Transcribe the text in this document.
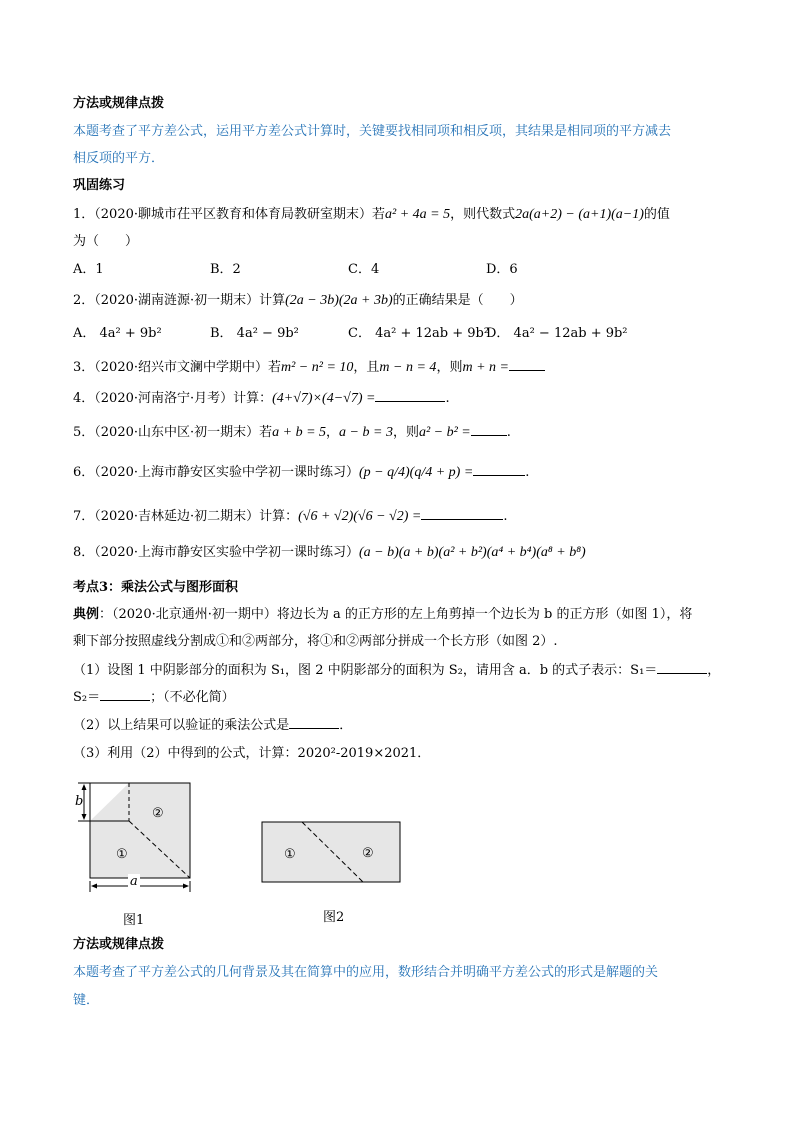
方法或规律点拨
本题考查了平方差公式，运用平方差公式计算时，关键要找相同项和相反项，其结果是相同项的平方减去
相反项的平方．
巩固练习
1．（2020·聊城市茌平区教育和体育局教研室期末）若a² + 4a = 5，则代数式2a(a+2) − (a+1)(a−1)的值
为（　　）
A．1	B．2	C．4	D．6
2．（2020·湖南涟源·初一期末）计算(2a − 3b)(2a + 3b)的正确结果是（　　）
A． 4a² + 9b²	B． 4a² − 9b²	C． 4a² + 12ab + 9b²
D． 4a² − 12ab + 9b²
3．（2020·绍兴市文澜中学期中）若m² − n² = 10，且m − n = 4，则m + n =
4．（2020·河南洛宁·月考）计算：(4+√7)×(4−√7) =	.
5．（2020·山东中区·初一期末）若a + b = 5，a − b = 3，则a² − b² =	.
6．（2020·上海市静安区实验中学初一课时练习）(p − q/4)(q/4 + p) =	.
7．（2020·吉林延边·初二期末）计算：(√6 + √2)(√6 − √2) =	.
8．（2020·上海市静安区实验中学初一课时练习）(a − b)(a + b)(a² + b²)(a⁴ + b⁴)(a⁸ + b⁸)
考点3：乘法公式与图形面积
典例：（2020·北京通州·初一期中）将边长为 a 的正方形的左上角剪掉一个边长为 b 的正方形（如图 1），将
剩下部分按照虚线分割成①和②两部分，将①和②两部分拼成一个长方形（如图 2）.
（1）设图 1 中阴影部分的面积为 S₁，图 2 中阴影部分的面积为 S₂，请用含 a．b 的式子表示：S₁＝	，
S₂＝	；（不必化简）
（2）以上结果可以验证的乘法公式是	．
（3）利用（2）中得到的公式，计算：2020²-2019×2021．
b
a
①
②
图1
①	②
图2
方法或规律点拨
本题考查了平方差公式的几何背景及其在简算中的应用，数形结合并明确平方差公式的形式是解题的关
键．
